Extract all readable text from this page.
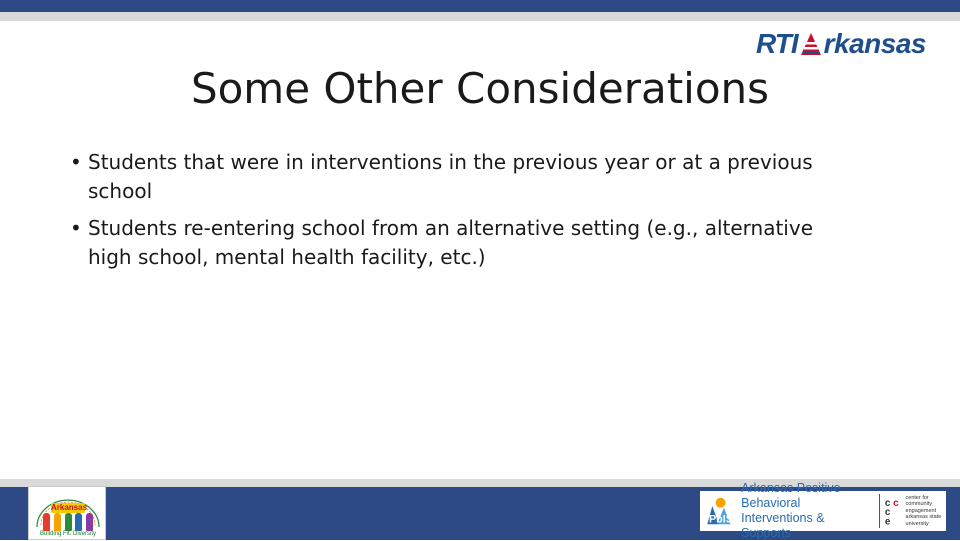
RTI rkansas
Some Other Considerations
• Students that were in interventions in the previous year or at a previous school
• Students re-entering school from an alternative setting (e.g., alternative high school, mental health facility, etc.)
Arkansas
Building Fit. Diversity
PbIS
Arkansas Positive Behavioral
Interventions & Supports
c c
c
e
center for community engagement arkansas state university
